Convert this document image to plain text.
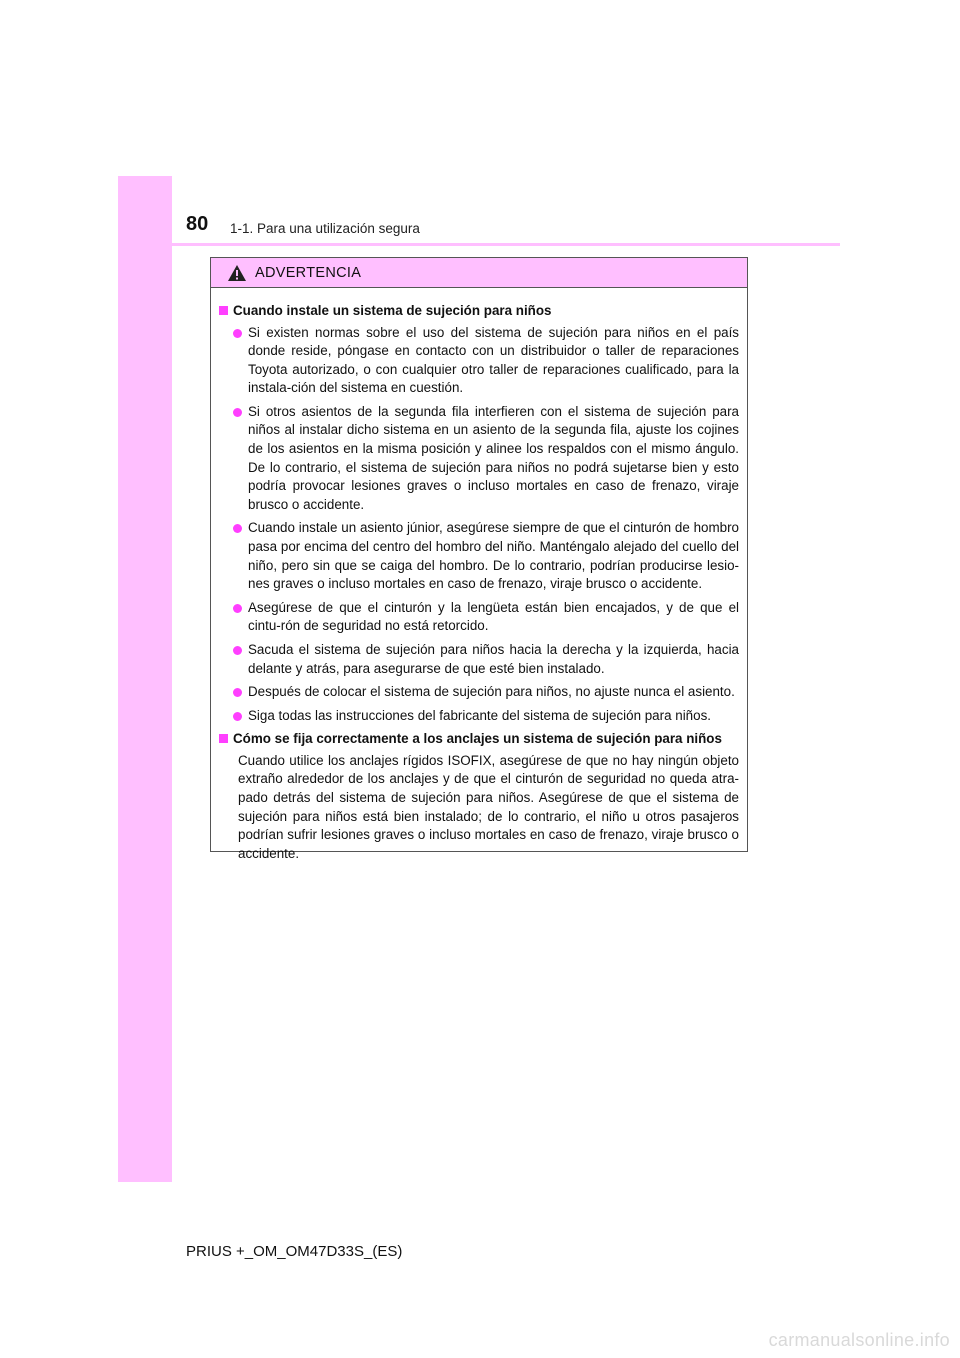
80 1-1. Para una utilización segura
ADVERTENCIA
Cuando instale un sistema de sujeción para niños
Si existen normas sobre el uso del sistema de sujeción para niños en el país donde reside, póngase en contacto con un distribuidor o taller de reparaciones Toyota autorizado, o con cualquier otro taller de reparaciones cualificado, para la instala-ción del sistema en cuestión.
Si otros asientos de la segunda fila interfieren con el sistema de sujeción para niños al instalar dicho sistema en un asiento de la segunda fila, ajuste los cojines de los asientos en la misma posición y alinee los respaldos con el mismo ángulo. De lo contrario, el sistema de sujeción para niños no podrá sujetarse bien y esto podría provocar lesiones graves o incluso mortales en caso de frenazo, viraje brusco o accidente.
Cuando instale un asiento júnior, asegúrese siempre de que el cinturón de hombro pasa por encima del centro del hombro del niño. Manténgalo alejado del cuello del niño, pero sin que se caiga del hombro. De lo contrario, podrían producirse lesio-nes graves o incluso mortales en caso de frenazo, viraje brusco o accidente.
Asegúrese de que el cinturón y la lengüeta están bien encajados, y de que el cintu-rón de seguridad no está retorcido.
Sacuda el sistema de sujeción para niños hacia la derecha y la izquierda, hacia delante y atrás, para asegurarse de que esté bien instalado.
Después de colocar el sistema de sujeción para niños, no ajuste nunca el asiento.
Siga todas las instrucciones del fabricante del sistema de sujeción para niños.
Cómo se fija correctamente a los anclajes un sistema de sujeción para niños
Cuando utilice los anclajes rígidos ISOFIX, asegúrese de que no hay ningún objeto extraño alrededor de los anclajes y de que el cinturón de seguridad no queda atra-pado detrás del sistema de sujeción para niños. Asegúrese de que el sistema de sujeción para niños está bien instalado; de lo contrario, el niño u otros pasajeros podrían sufrir lesiones graves o incluso mortales en caso de frenazo, viraje brusco o accidente.
PRIUS +_OM_OM47D33S_(ES)
carmanualsonline.info
